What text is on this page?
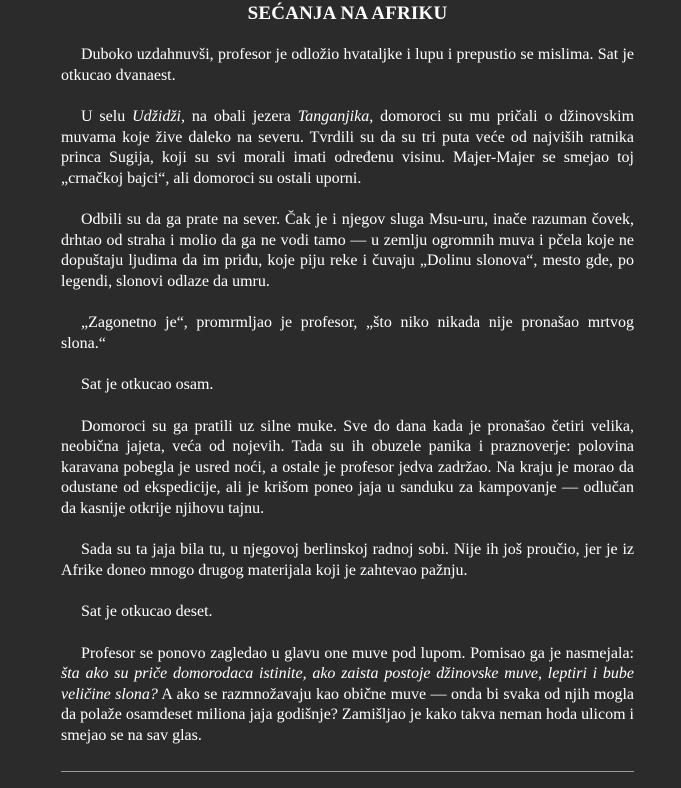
SEĆANJA NA AFRIKU

Duboko uzdahnuvši, profesor je odložio hvataljke i lupu i prepustio se mislima. Sat je otkucao dvanaest.

U selu Udžidži, na obali jezera Tanganjika, domoroci su mu pričali o džinovskim muvama koje žive daleko na severu. Tvrdili su da su tri puta veće od najviših ratnika princa Sugija, koji su svi morali imati određenu visinu. Majer-Majer se smejao toj „crnačkoj bajci“, ali domoroci su ostali uporni.

Odbili su da ga prate na sever. Čak je i njegov sluga Msu-uru, inače razuman čovek, drhtao od straha i molio da ga ne vodi tamo — u zemlju ogromnih muva i pčela koje ne dopuštaju ljudima da im priđu, koje piju reke i čuvaju „Dolinu slonova“, mesto gde, po legendi, slonovi odlaze da umru.

„Zagonetno je“, promrmljao je profesor, „što niko nikada nije pronašao mrtvog slona.“

Sat je otkucao osam.

Domoroci su ga pratili uz silne muke. Sve do dana kada je pronašao četiri velika, neobična jajeta, veća od nojevih. Tada su ih obuzele panika i praznoverje: polovina karavana pobegla je usred noći, a ostale je profesor jedva zadržao. Na kraju je morao da odustane od ekspedicije, ali je krišom poneo jaja u sanduku za kampovanje — odlučan da kasnije otkrije njihovu tajnu.

Sada su ta jaja bila tu, u njegovoj berlinskoj radnoj sobi. Nije ih još proučio, jer je iz Afrike doneo mnogo drugog materijala koji je zahtevao pažnju.

Sat je otkucao deset.

Profesor se ponovo zagledao u glavu one muve pod lupom. Pomisao ga je nasmejala: šta ako su priče domorodaca istinite, ako zaista postoje džinovske muve, leptiri i bube veličine slona? A ako se razmnožavaju kao obične muve — onda bi svaka od njih mogla da polaže osamdeset miliona jaja godišnje? Zamišljao je kako takva neman hoda ulicom i smejao se na sav glas.
